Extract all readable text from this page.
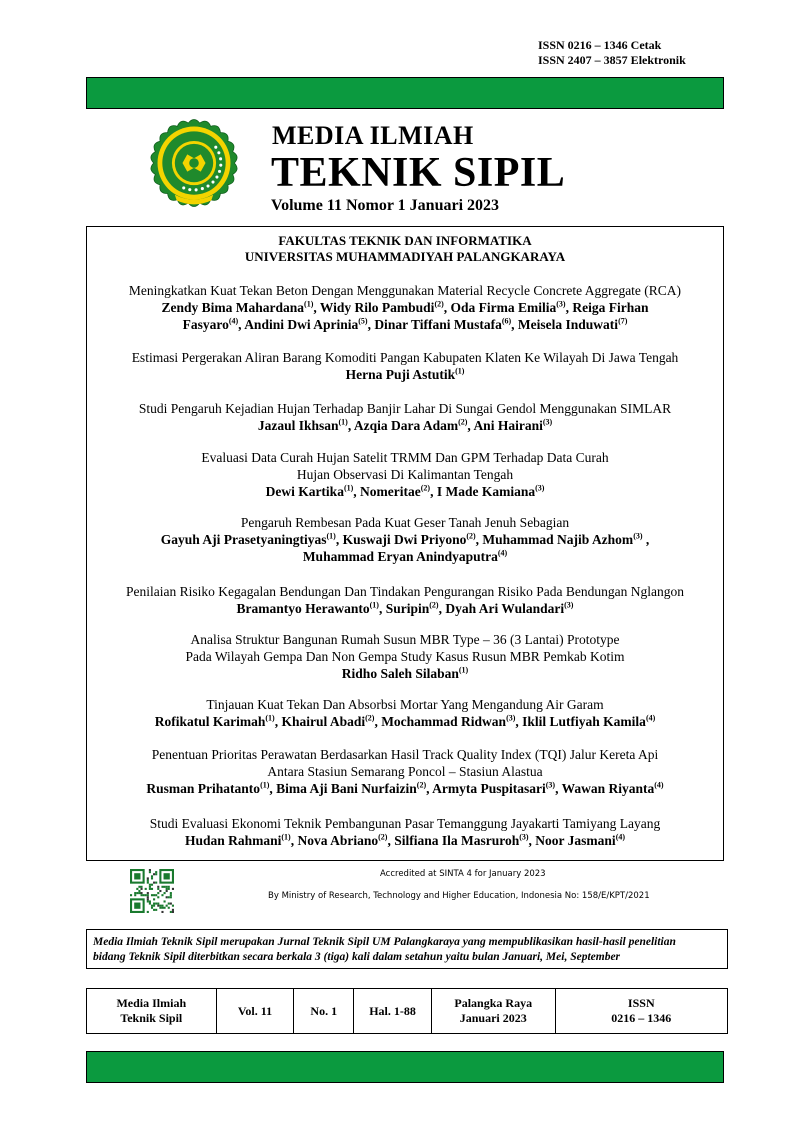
ISSN 0216 – 1346 Cetak
ISSN 2407 – 3857 Elektronik
MEDIA ILMIAH
TEKNIK SIPIL
Volume 11 Nomor 1 Januari 2023
FAKULTAS TEKNIK DAN INFORMATIKA
UNIVERSITAS MUHAMMADIYAH PALANGKARAYA
Meningkatkan Kuat Tekan Beton Dengan Menggunakan Material Recycle Concrete Aggregate (RCA)
Zendy Bima Mahardana$^{(1)}$, Widy Rilo Pambudi$^{(2)}$, Oda Firma Emilia$^{(3)}$, Reiga Firhan
Fasyaro$^{(4)}$, Andini Dwi Aprinia$^{(5)}$, Dinar Tiffani Mustafa$^{(6)}$, Meisela Induwati$^{(7)}$
Estimasi Pergerakan Aliran Barang Komoditi Pangan Kabupaten Klaten Ke Wilayah Di Jawa Tengah
Herna Puji Astutik$^{(1)}$
Studi Pengaruh Kejadian Hujan Terhadap Banjir Lahar Di Sungai Gendol Menggunakan SIMLAR
Jazaul Ikhsan$^{(1)}$, Azqia Dara Adam$^{(2)}$, Ani Hairani$^{(3)}$
Evaluasi Data Curah Hujan Satelit TRMM Dan GPM Terhadap Data Curah
Hujan Observasi Di Kalimantan Tengah
Dewi Kartika$^{(1)}$, Nomeritae$^{(2)}$, I Made Kamiana$^{(3)}$
Pengaruh Rembesan Pada Kuat Geser Tanah Jenuh Sebagian
Gayuh Aji Prasetyaningtiyas$^{(1)}$, Kuswaji Dwi Priyono$^{(2)}$, Muhammad Najib Azhom$^{(3)}$ ,
Muhammad Eryan Anindyaputra$^{(4)}$
Penilaian Risiko Kegagalan Bendungan Dan Tindakan Pengurangan Risiko Pada Bendungan Nglangon
Bramantyo Herawanto$^{(1)}$, Suripin$^{(2)}$, Dyah Ari Wulandari$^{(3)}$
Analisa Struktur Bangunan Rumah Susun MBR Type – 36 (3 Lantai) Prototype
Pada Wilayah Gempa Dan Non Gempa Study Kasus Rusun MBR Pemkab Kotim
Ridho Saleh Silaban$^{(1)}$
Tinjauan Kuat Tekan Dan Absorbsi Mortar Yang Mengandung Air Garam
Rofikatul Karimah$^{(1)}$, Khairul Abadi$^{(2)}$, Mochammad Ridwan$^{(3)}$, Iklil Lutfiyah Kamila$^{(4)}$
Penentuan Prioritas Perawatan Berdasarkan Hasil Track Quality Index (TQI) Jalur Kereta Api
Antara Stasiun Semarang Poncol – Stasiun Alastua
Rusman Prihatanto$^{(1)}$, Bima Aji Bani Nurfaizin$^{(2)}$, Armyta Puspitasari$^{(3)}$, Wawan Riyanta$^{(4)}$
Studi Evaluasi Ekonomi Teknik Pembangunan Pasar Temanggung Jayakarti Tamiyang Layang
Hudan Rahmani$^{(1)}$, Nova Abriano$^{(2)}$, Silfiana Ila Masruroh$^{(3)}$, Noor Jasmani$^{(4)}$
Accredited at SINTA 4 for January 2023
By Ministry of Research, Technology and Higher Education, Indonesia No: 158/E/KPT/2021
Media Ilmiah Teknik Sipil merupakan Jurnal Teknik Sipil UM Palangkaraya yang mempublikasikan hasil-hasil penelitian
bidang Teknik Sipil diterbitkan secara berkala 3 (tiga) kali dalam setahun yaitu bulan Januari, Mei, September
Media Ilmiah
Teknik Sipil
Vol. 11	No. 1	Hal. 1-88
Palangka Raya
Januari 2023
ISSN
0216 – 1346
